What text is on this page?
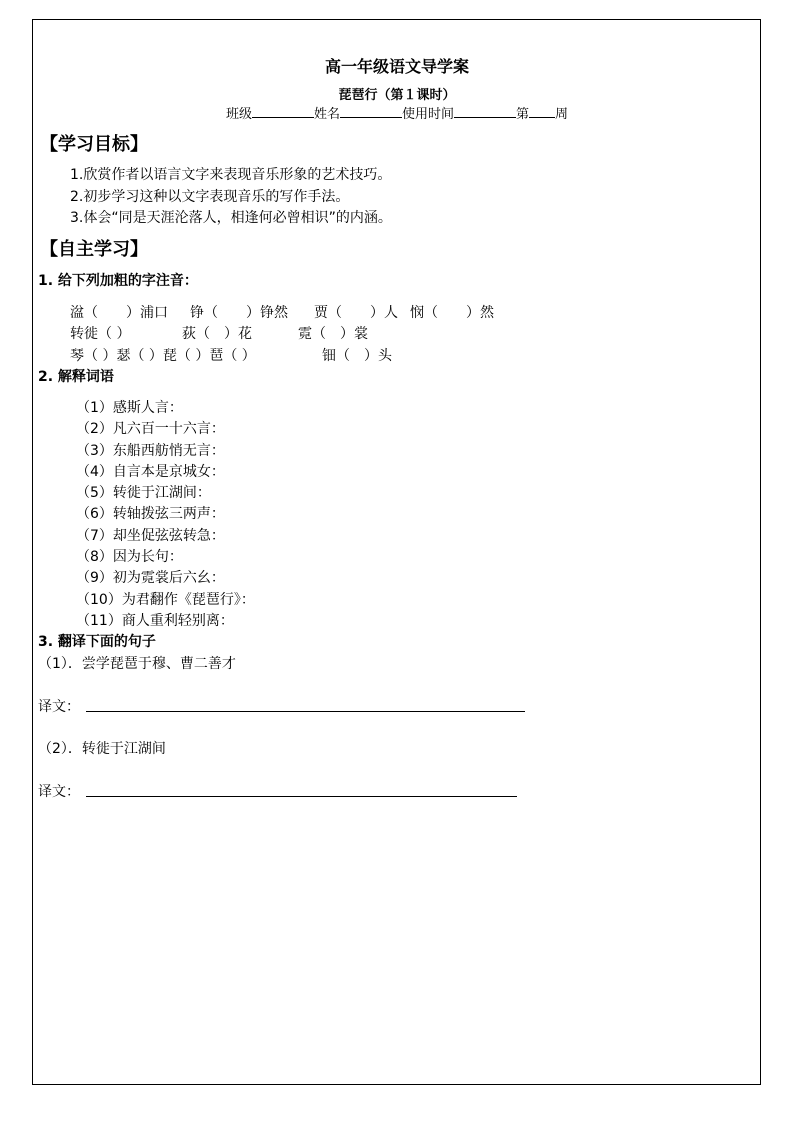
高一年级语文导学案
琵琶行（第１课时）
班级	姓名	使用时间	第 周
【学习目标】
1.欣赏作者以语言文字来表现音乐形象的艺术技巧。
2.初步学习这种以文字表现音乐的写作手法。
3.体会“同是天涯沦落人，相逢何必曾相识”的内涵。
【自主学习】
1. 给下列加粗的字注音：
湓（　　）浦口 铮（　　）铮然 贾（　　）人 悯（　　）然
转徙（ ）	荻（　）花	霓（　）裳
琴（ ）瑟（ ）琵（ ）琶（ ）	钿（　）头
2. 解释词语
（1）感斯人言：
（2）凡六百一十六言：
（3）东船西舫悄无言：
（4）自言本是京城女：
（5）转徙于江湖间：
（6）转轴拨弦三两声：
（7）却坐促弦弦转急：
（8）因为长句：
（9）初为霓裳后六幺：
（10）为君翻作《琵琶行》：
（11）商人重利轻别离：
3. 翻译下面的句子
（1）．尝学琵琶于穆、曹二善才
译文：
（2）．转徙于江湖间
译文：
